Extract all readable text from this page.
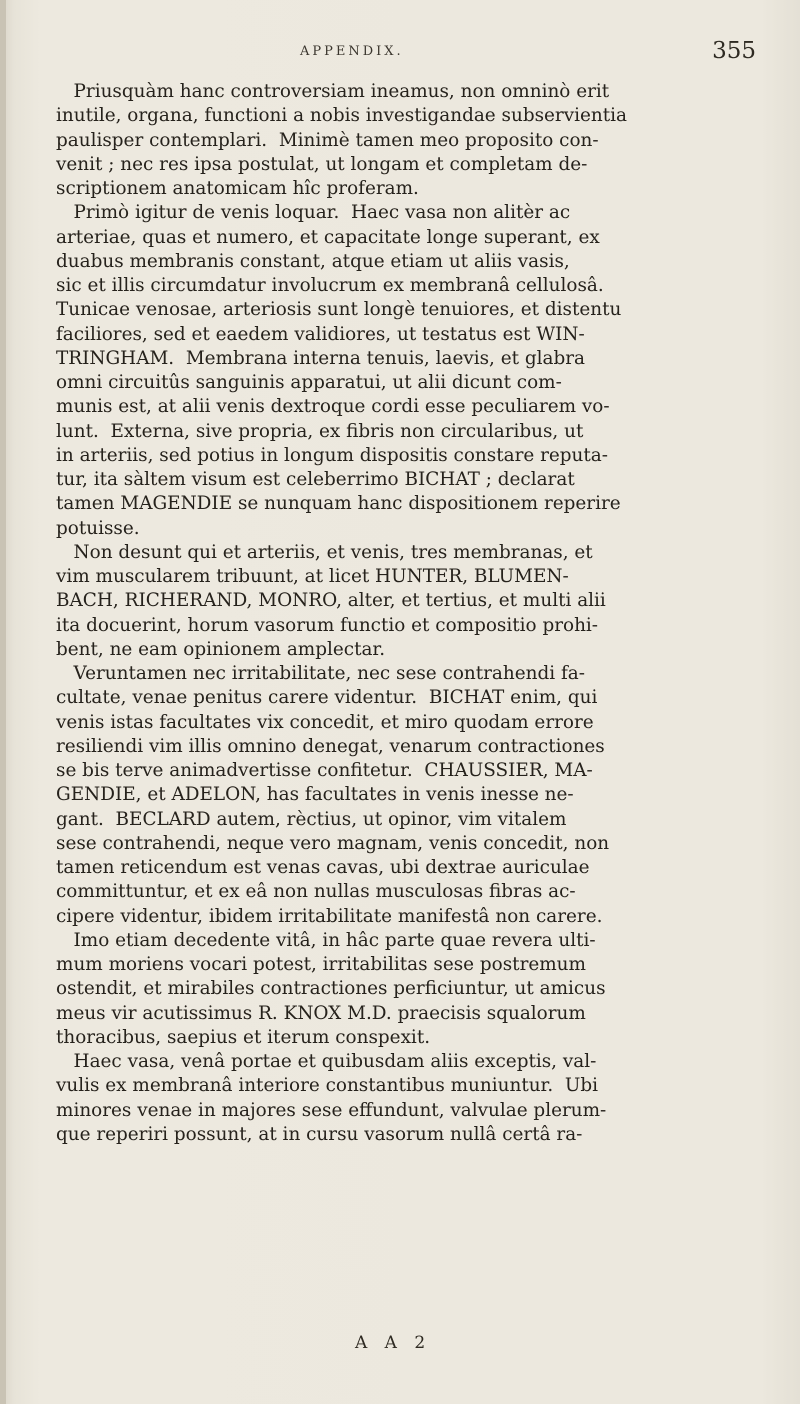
APPENDIX.	355
Priusquàm hanc controversiam ineamus, non omninò erit
inutile, organa, functioni a nobis investigandae subservientia
paulisper contemplari.  Minimè tamen meo proposito con-
venit ; nec res ipsa postulat, ut longam et completam de-
scriptionem anatomicam hîc proferam.
Primò igitur de venis loquar.  Haec vasa non alitèr ac
arteriae, quas et numero, et capacitate longe superant, ex
duabus membranis constant, atque etiam ut aliis vasis,
sic et illis circumdatur involucrum ex membranâ cellulosâ.
Tunicae venosae, arteriosis sunt longè tenuiores, et distentu
faciliores, sed et eaedem validiores, ut testatus est WIN-
TRINGHAM.  Membrana interna tenuis, laevis, et glabra
omni circuitûs sanguinis apparatui, ut alii dicunt com-
munis est, at alii venis dextroque cordi esse peculiarem vo-
lunt.  Externa, sive propria, ex fibris non circularibus, ut
in arteriis, sed potius in longum dispositis constare reputa-
tur, ita sàltem visum est celeberrimo BICHAT ; declarat
tamen MAGENDIE se nunquam hanc dispositionem reperire
potuisse.
Non desunt qui et arteriis, et venis, tres membranas, et
vim muscularem tribuunt, at licet HUNTER, BLUMEN-
BACH, RICHERAND, MONRO, alter, et tertius, et multi alii
ita docuerint, horum vasorum functio et compositio prohi-
bent, ne eam opinionem amplectar.
Veruntamen nec irritabilitate, nec sese contrahendi fa-
cultate, venae penitus carere videntur.  BICHAT enim, qui
venis istas facultates vix concedit, et miro quodam errore
resiliendi vim illis omnino denegat, venarum contractiones
se bis terve animadvertisse confitetur.  CHAUSSIER, MA-
GENDIE, et ADELON, has facultates in venis inesse ne-
gant.  BECLARD autem, rèctius, ut opinor, vim vitalem
sese contrahendi, neque vero magnam, venis concedit, non
tamen reticendum est venas cavas, ubi dextrae auriculae
committuntur, et ex eâ non nullas musculosas fibras ac-
cipere videntur, ibidem irritabilitate manifestâ non carere.
Imo etiam decedente vitâ, in hâc parte quae revera ulti-
mum moriens vocari potest, irritabilitas sese postremum
ostendit, et mirabiles contractiones perficiuntur, ut amicus
meus vir acutissimus R. KNOX M.D. praecisis squalorum
thoracibus, saepius et iterum conspexit.
Haec vasa, venâ portae et quibusdam aliis exceptis, val-
vulis ex membranâ interiore constantibus muniuntur.  Ubi
minores venae in majores sese effundunt, valvulae plerum-
que reperiri possunt, at in cursu vasorum nullâ certâ ra-
A A 2
